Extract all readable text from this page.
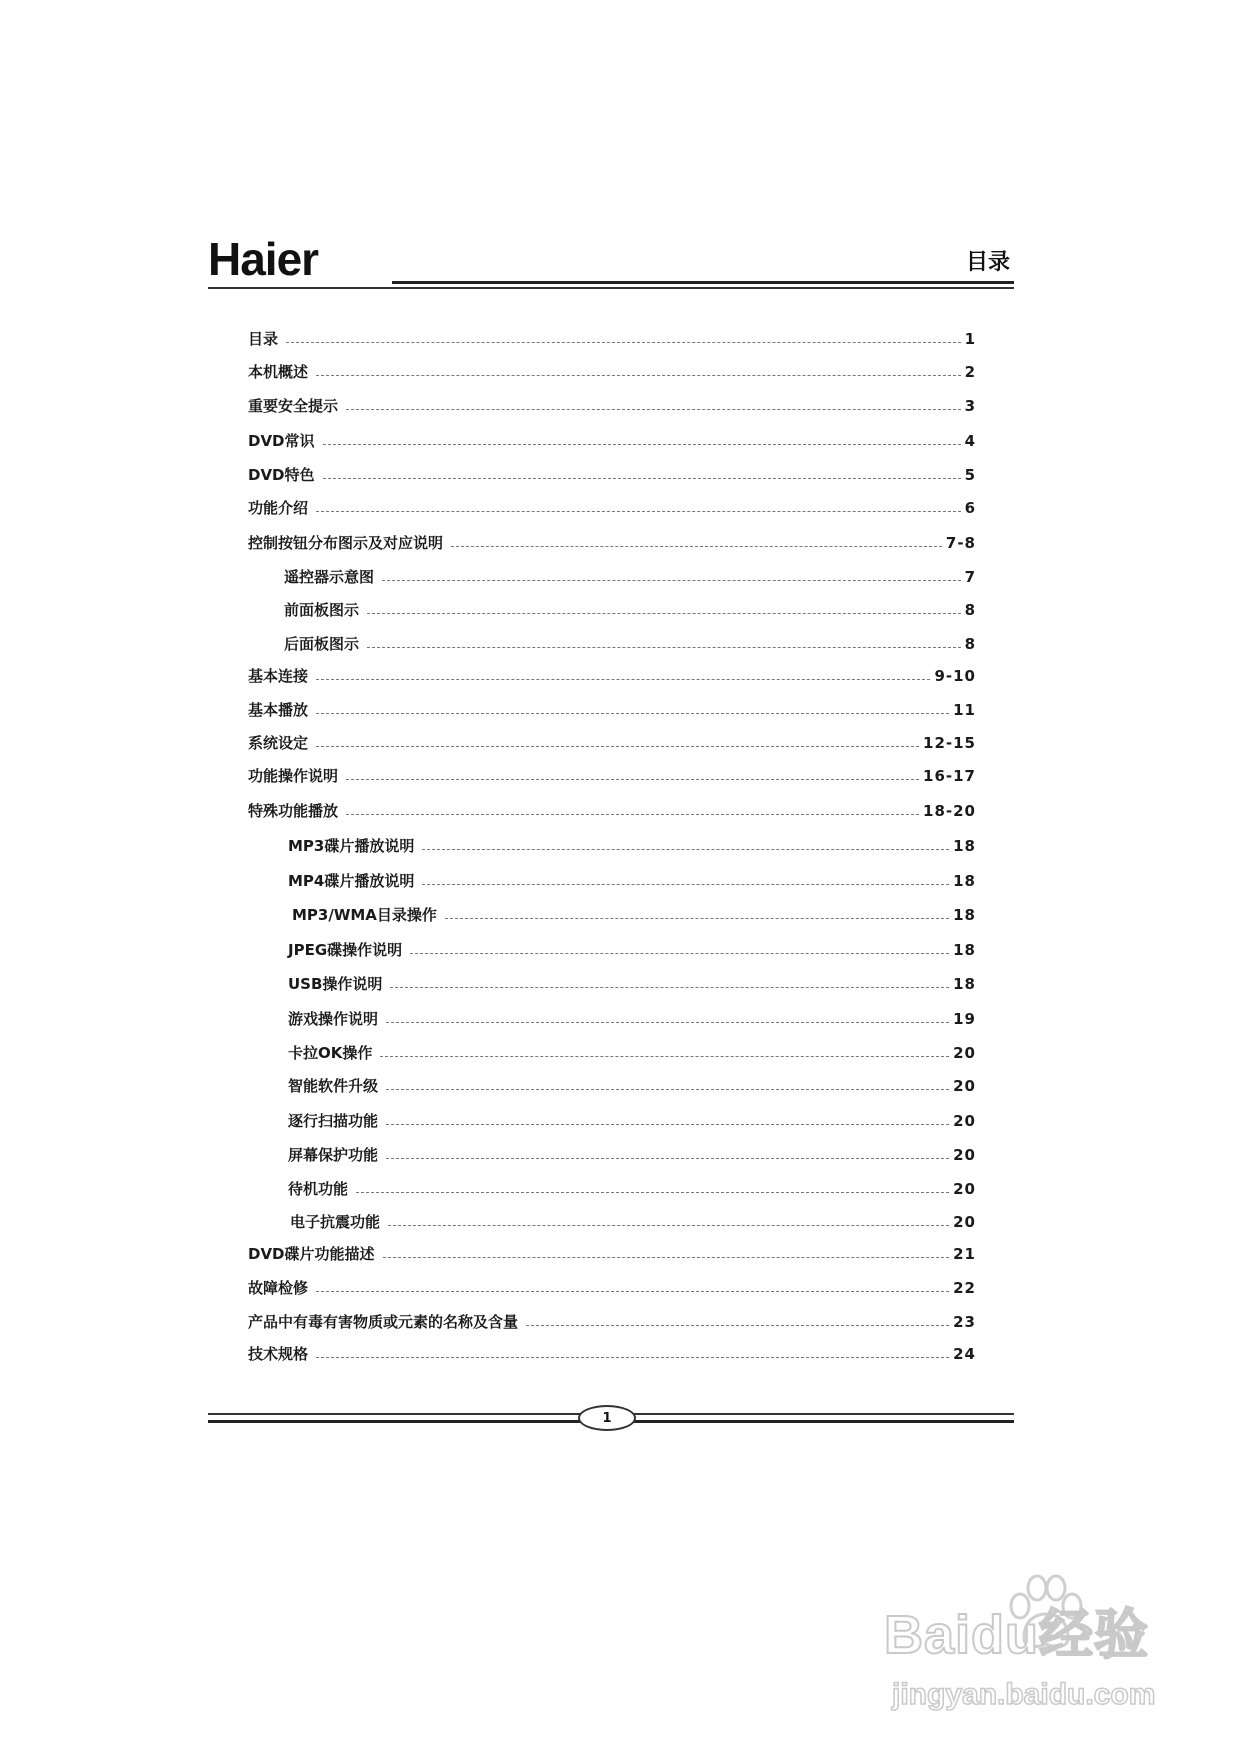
Haier	目录
目录	1
本机概述	2
重要安全提示	3
DVD常识	4
DVD特色	5
功能介绍	6
控制按钮分布图示及对应说明	7-8
遥控器示意图	7
前面板图示	8
后面板图示	8
基本连接	9-10
基本播放	11
系统设定	12-15
功能操作说明	16-17
特殊功能播放	18-20
MP3碟片播放说明	18
MP4碟片播放说明	18
MP3/WMA目录操作	18
JPEG碟操作说明	18
USB操作说明	18
游戏操作说明	19
卡拉OK操作	20
智能软件升级	20
逐行扫描功能	20
屏幕保护功能	20
待机功能	20
电子抗震功能	20
DVD碟片功能描述	21
故障检修	22
产品中有毒有害物质或元素的名称及含量	23
技术规格	24
1
Baidu经验
jingyan.baidu.com
